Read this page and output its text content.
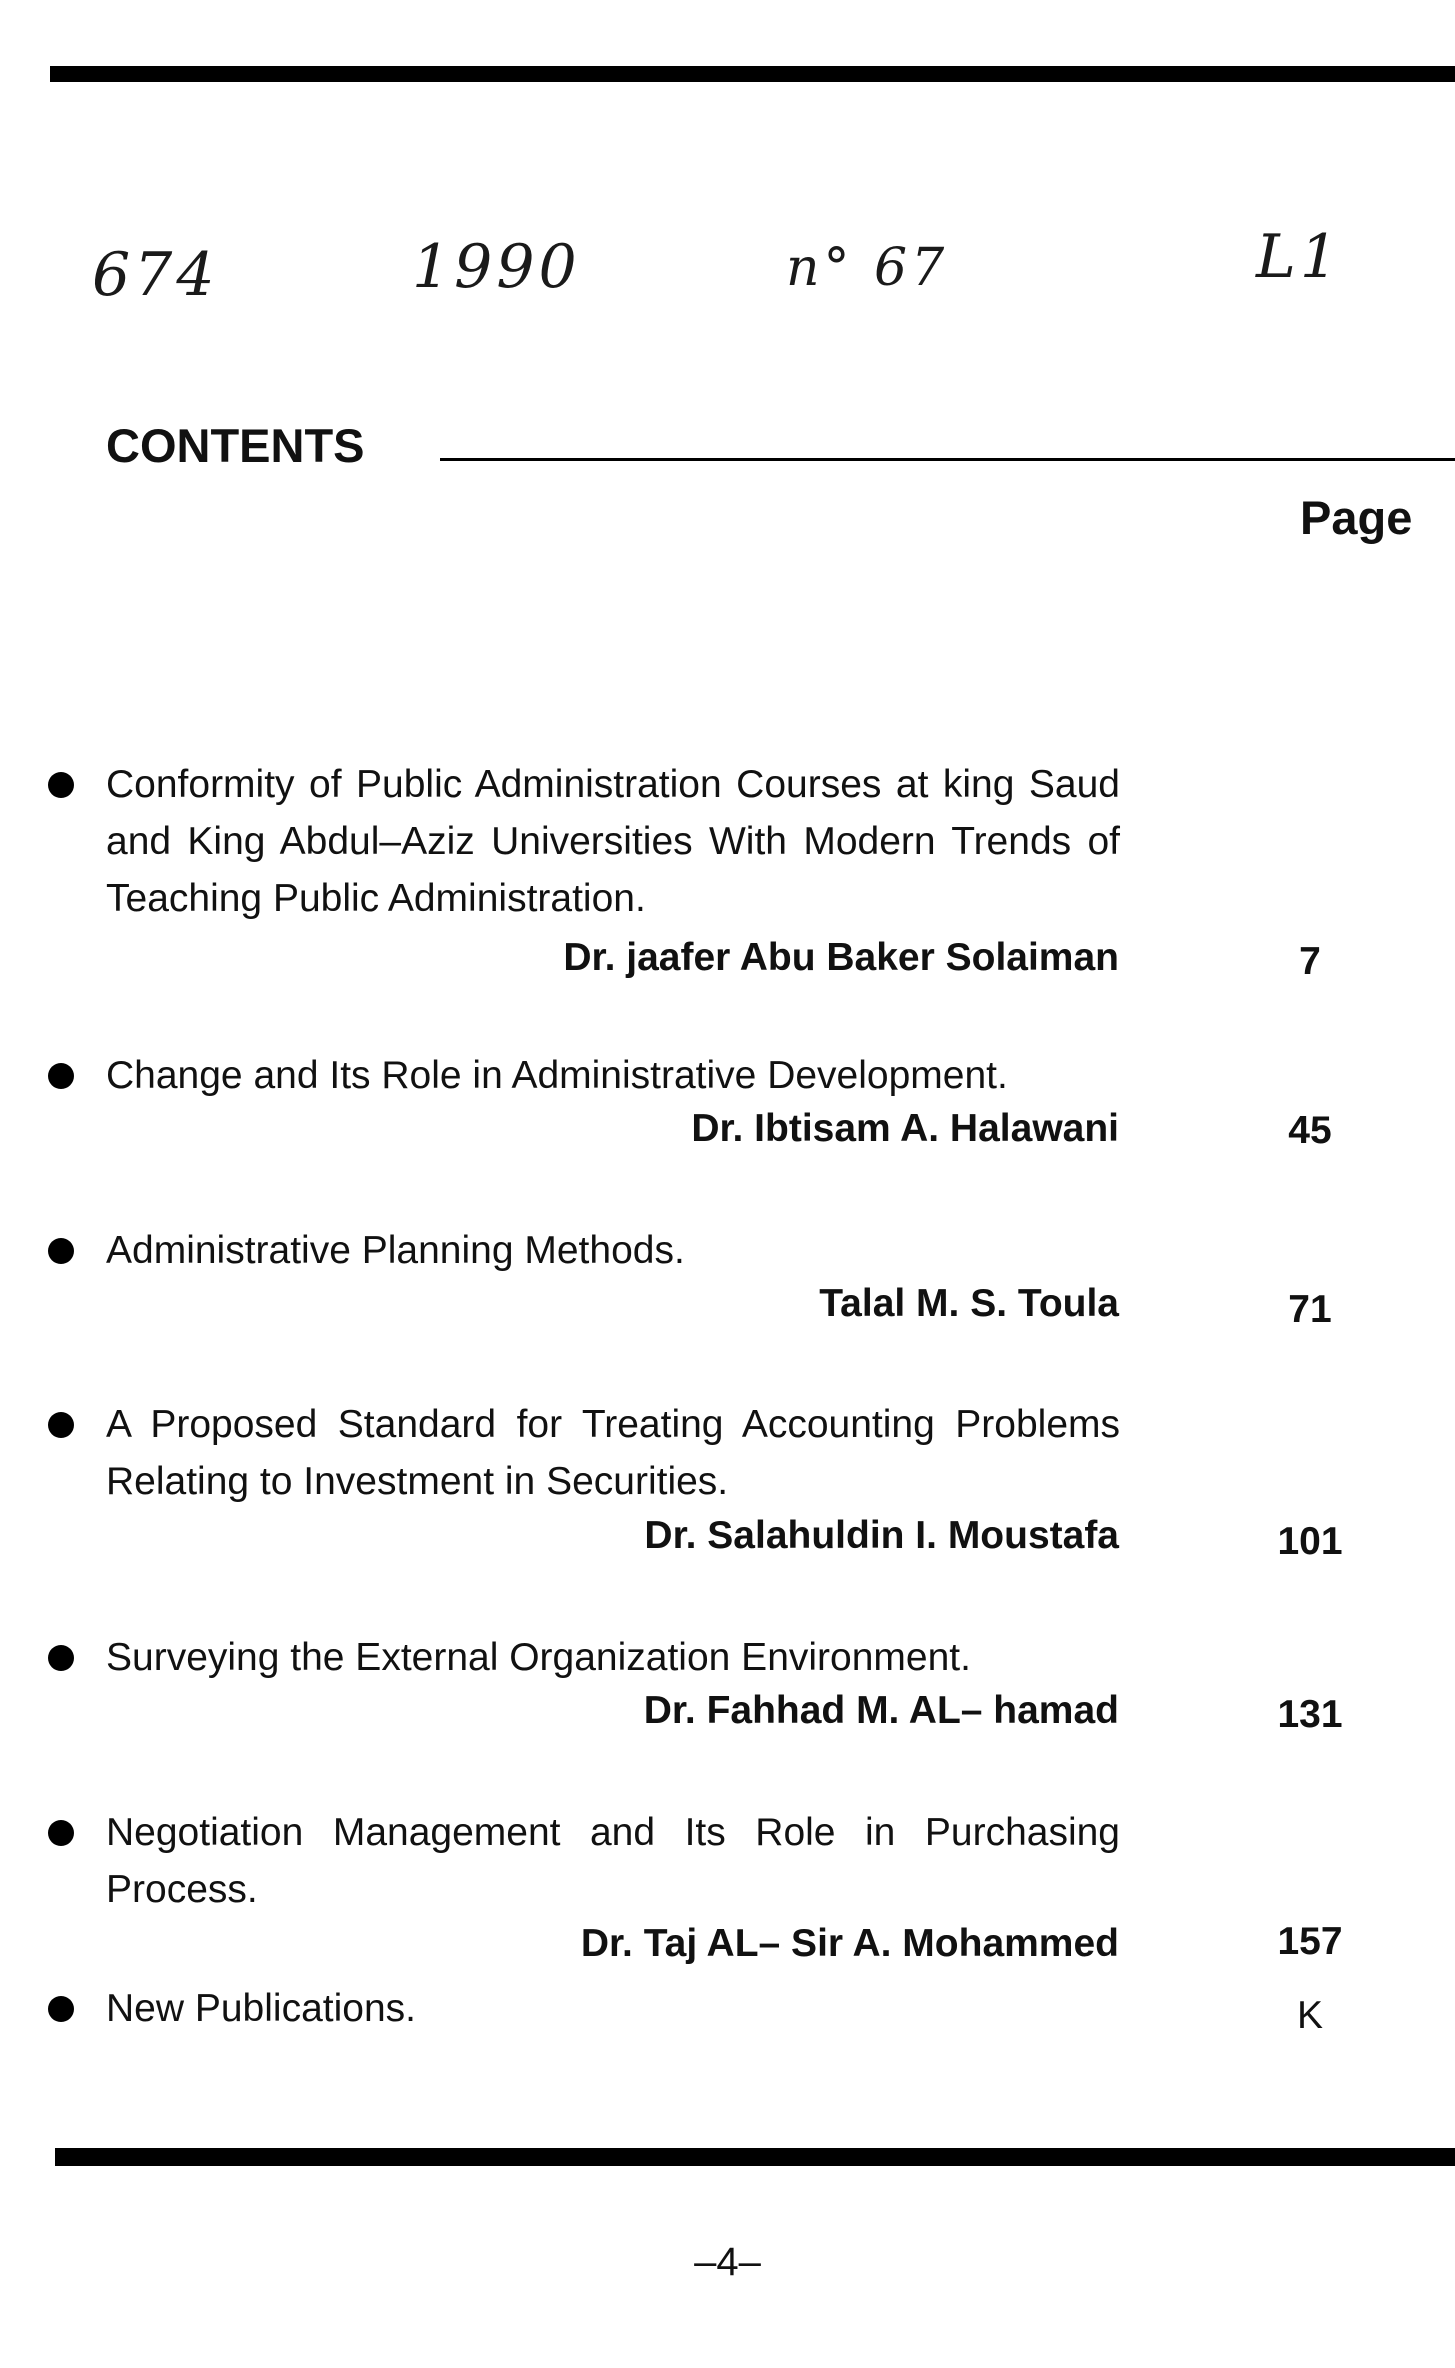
674	1990	n° 67	L1
CONTENTS
Page

Conformity of Public Administration Courses at king Saud and King Abdul–Aziz Universities With Modern Trends of Teaching Public Administration.

Dr. jaafer Abu Baker Solaiman	7

Change and Its Role in Administrative Development.

Dr. Ibtisam A. Halawani	45

Administrative Planning Methods.

Talal M. S. Toula	71

A Proposed Standard for Treating Accounting Problems Relating to Investment in Securities.

Dr. Salahuldin I. Moustafa	101

Surveying the External Organization Environment.

Dr. Fahhad M. AL– hamad	131

Negotiation Management and Its Role in Purchasing Process.

Dr. Taj AL– Sir A. Mohammed	157

New Publications.	K
–4–
